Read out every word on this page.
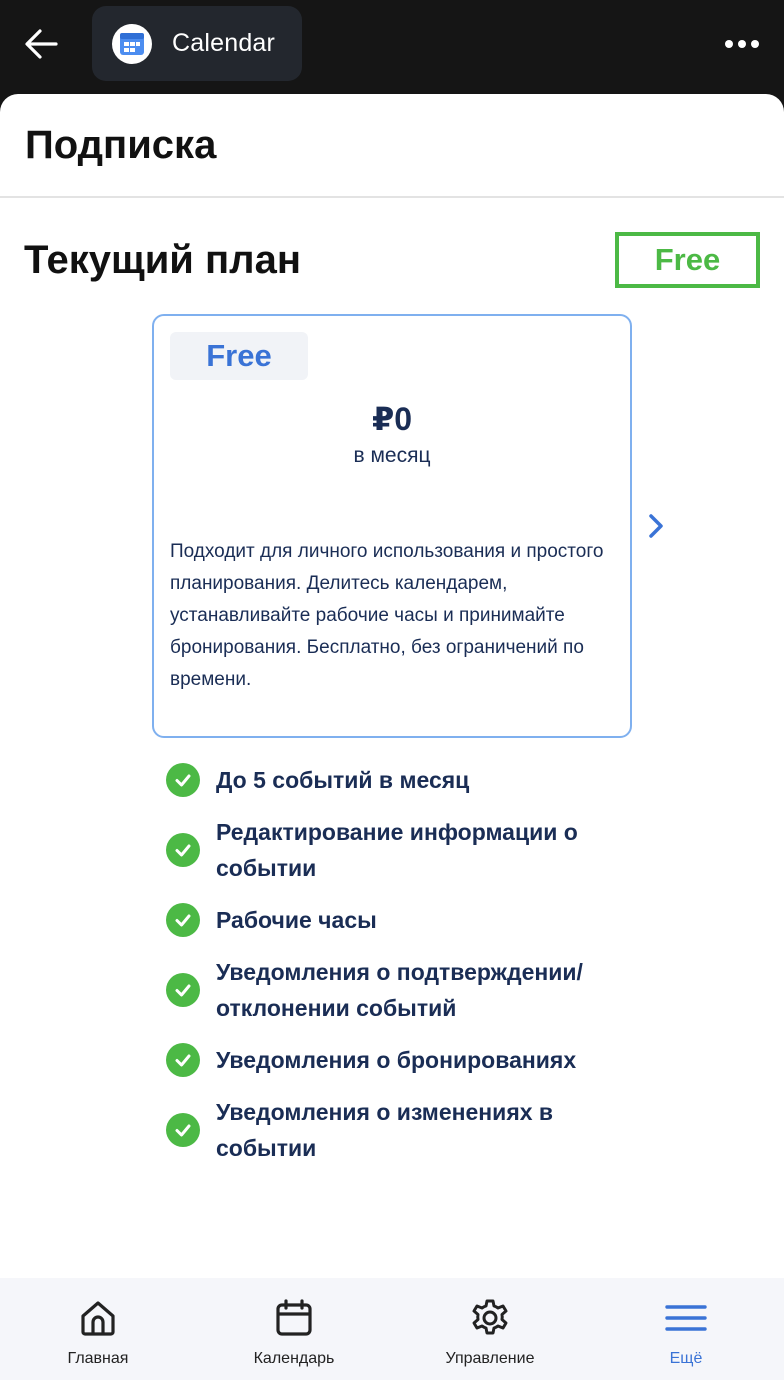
Calendar
Подписка
Текущий план	Free
Free
₽0
в месяц

Подходит для личного использования и простого планирования. Делитесь календарем, устанавливайте рабочие часы и принимайте бронирования. Бесплатно, без ограничений по времени.

До 5 событий в месяц
Редактирование информации о событии
Рабочие часы
Уведомления о подтверждении/ отклонении событий
Уведомления о бронированиях
Уведомления о изменениях в событии
Главная	Календарь	Управление	Ещё
